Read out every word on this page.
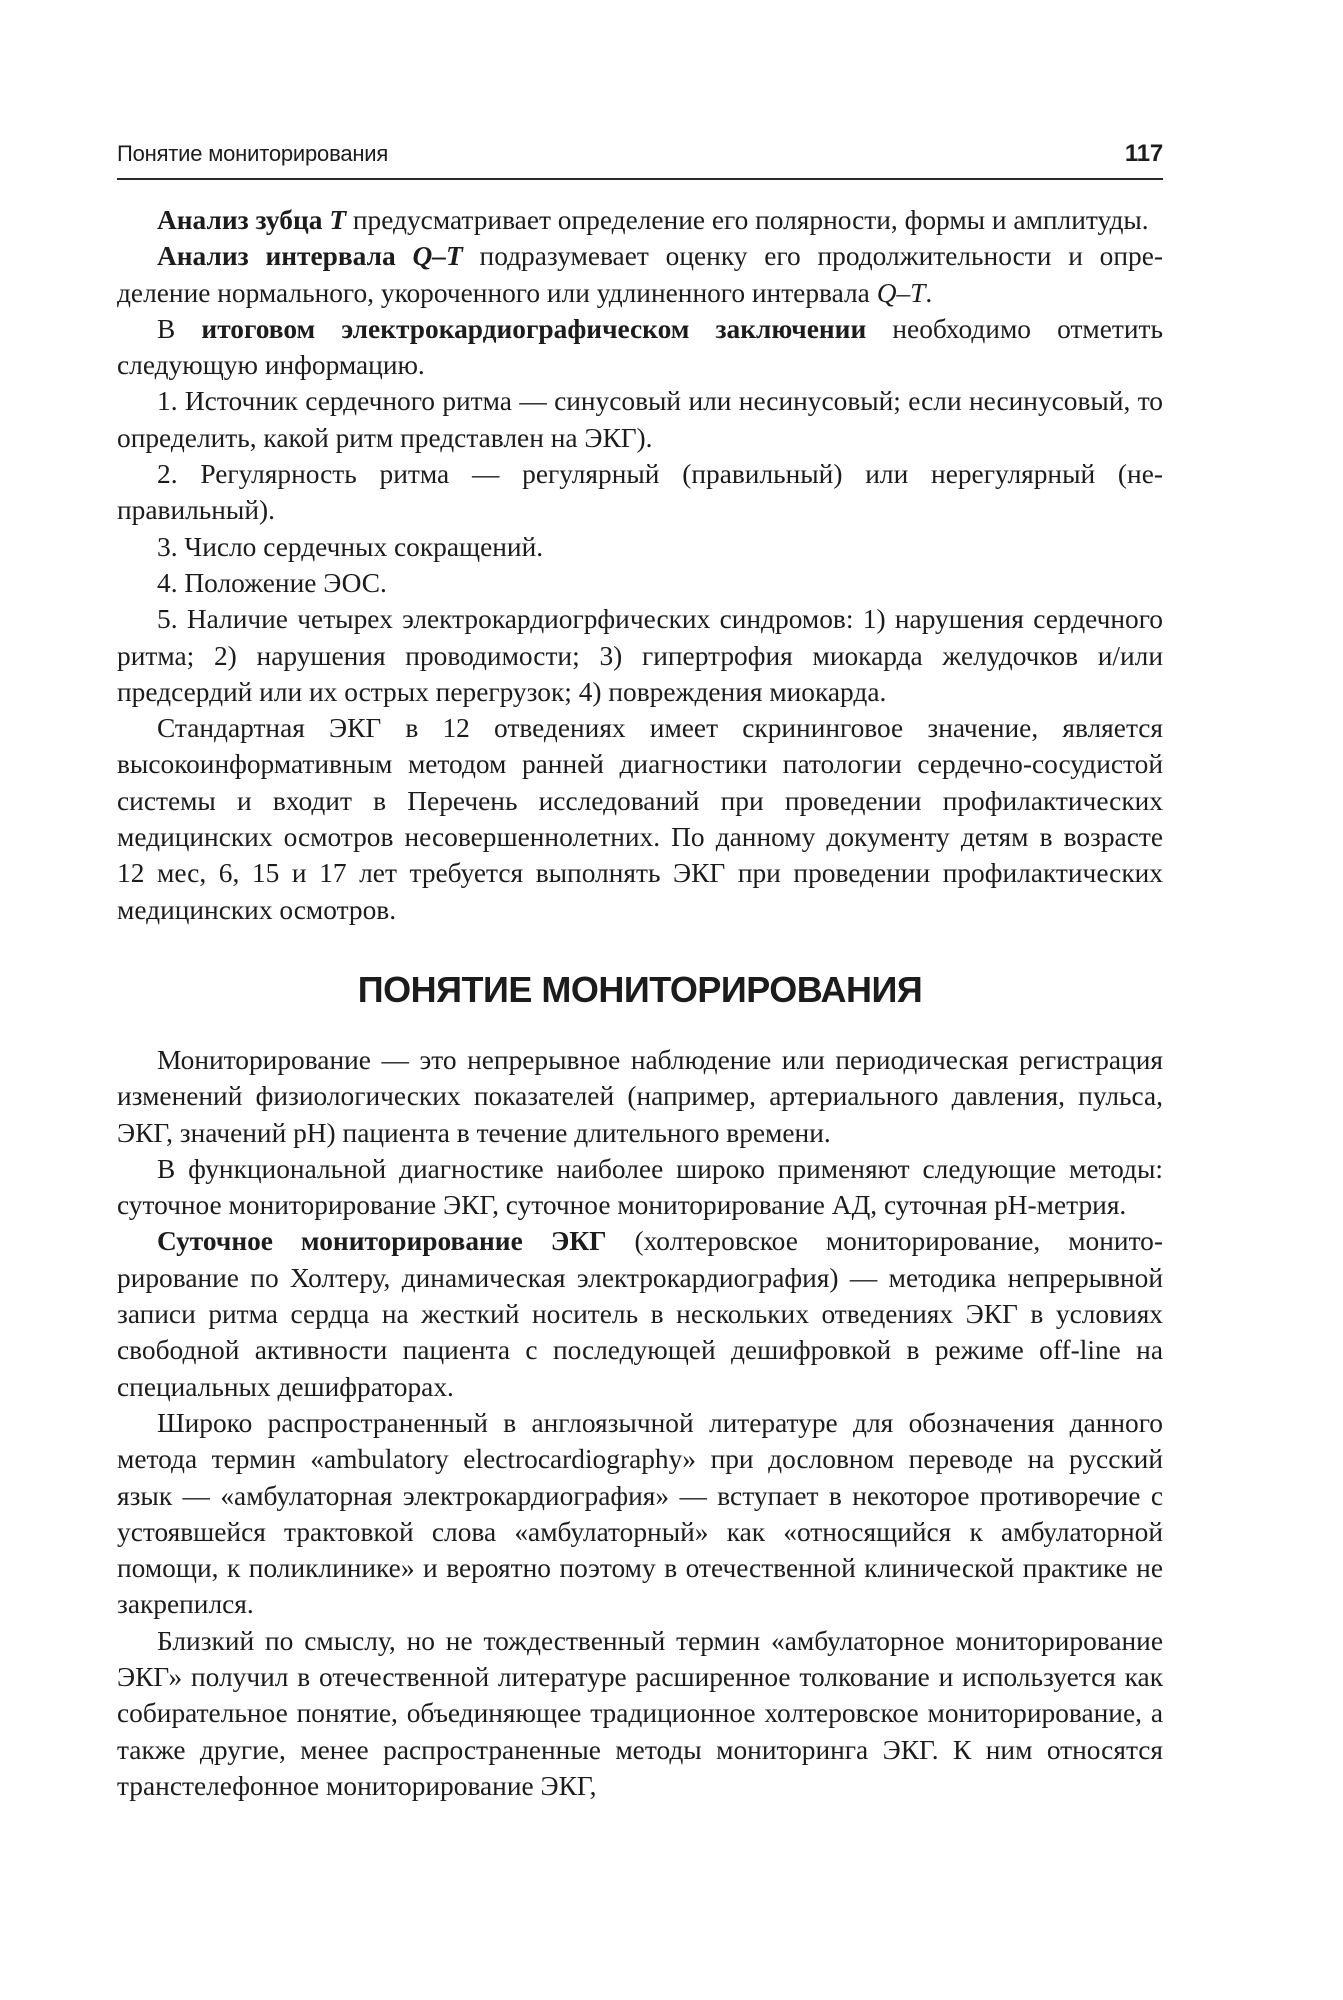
Понятие мониторирования	117

Анализ зубца Т предусматривает определение его полярности, формы и амплитуды.

Анализ интервала Q–T подразумевает оценку его продолжительности и определение нормального, укороченного или удлиненного интервала Q–T.

В итоговом электрокардиографическом заключении необходимо отметить следующую информацию.

1. Источник сердечного ритма — синусовый или несинусовый; если несинусовый, то определить, какой ритм представлен на ЭКГ).

2. Регулярность ритма — регулярный (правильный) или нерегулярный (неправильный).

3. Число сердечных сокращений.

4. Положение ЭОС.

5. Наличие четырех электрокардиогрфических синдромов: 1) нарушения сердечного ритма; 2) нарушения проводимости; 3) гипертрофия миокарда желудочков и/или предсердий или их острых перегрузок; 4) повреждения миокарда.

Стандартная ЭКГ в 12 отведениях имеет скрининговое значение, является высокоинформативным методом ранней диагностики патологии сердечно-сосудистой системы и входит в Перечень исследований при проведении профилактических медицинских осмотров несовершеннолетних. По данному документу детям в возрасте 12 мес, 6, 15 и 17 лет требуется выполнять ЭКГ при проведении профилактических медицинских осмотров.

ПОНЯТИЕ МОНИТОРИРОВАНИЯ

Мониторирование — это непрерывное наблюдение или периодическая регистрация изменений физиологических показателей (например, артериального давления, пульса, ЭКГ, значений pH) пациента в течение длительного времени.

В функциональной диагностике наиболее широко применяют следующие методы: суточное мониторирование ЭКГ, суточное мониторирование АД, суточная pH-метрия.

Суточное мониторирование ЭКГ (холтеровское мониторирование, мониторирование по Холтеру, динамическая электрокардиография) — методика непрерывной записи ритма сердца на жесткий носитель в нескольких отведениях ЭКГ в условиях свободной активности пациента с последующей дешифровкой в режиме off-line на специальных дешифраторах.

Широко распространенный в англоязычной литературе для обозначения данного метода термин «ambulatory electrocardiography» при дословном переводе на русский язык — «амбулаторная электрокардиография» — вступает в некоторое противоречие с устоявшейся трактовкой слова «амбулаторный» как «относящийся к амбулаторной помощи, к поликлинике» и вероятно поэтому в отечественной клинической практике не закрепился.

Близкий по смыслу, но не тождественный термин «амбулаторное мониторирование ЭКГ» получил в отечественной литературе расширенное толкование и используется как собирательное понятие, объединяющее традиционное холтеровское мониторирование, а также другие, менее распространенные методы мониторинга ЭКГ. К ним относятся транстелефонное мониторирование ЭКГ,
